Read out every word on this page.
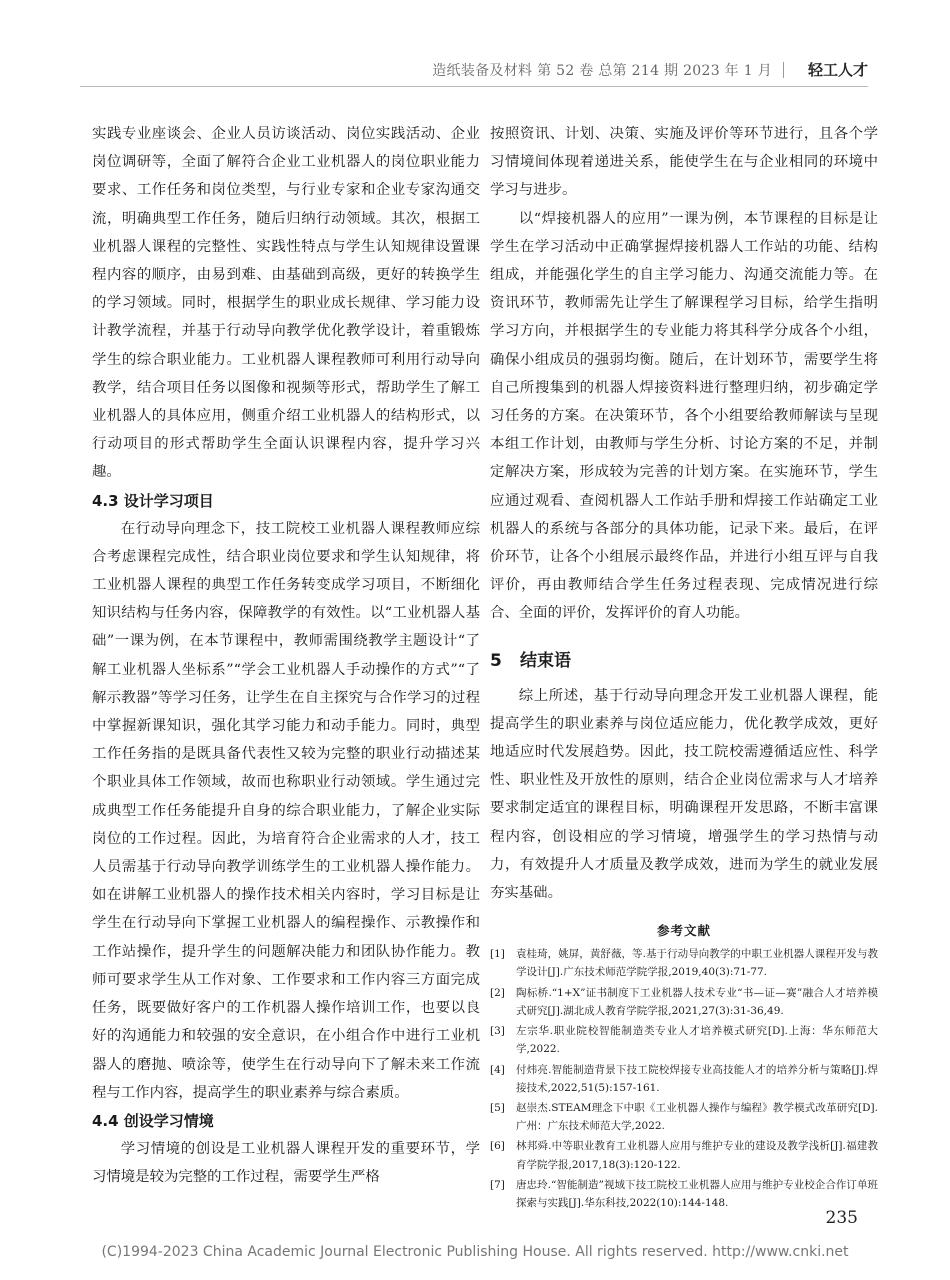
造纸装备及材料 第 52 卷 总第 214 期 2023 年 1 月 轻工人才

实践专业座谈会、企业人员访谈活动、岗位实践活动、企业岗位调研等，全面了解符合企业工业机器人的岗位职业能力要求、工作任务和岗位类型，与行业专家和企业专家沟通交流，明确典型工作任务，随后归纳行动领域。其次，根据工业机器人课程的完整性、实践性特点与学生认知规律设置课程内容的顺序，由易到难、由基础到高级，更好的转换学生的学习领域。同时，根据学生的职业成长规律、学习能力设计教学流程，并基于行动导向教学优化教学设计，着重锻炼学生的综合职业能力。工业机器人课程教师可利用行动导向教学，结合项目任务以图像和视频等形式，帮助学生了解工业机器人的具体应用，侧重介绍工业机器人的结构形式，以行动项目的形式帮助学生全面认识课程内容，提升学习兴趣。

4.3 设计学习项目

在行动导向理念下，技工院校工业机器人课程教师应综合考虑课程完成性，结合职业岗位要求和学生认知规律，将工业机器人课程的典型工作任务转变成学习项目，不断细化知识结构与任务内容，保障教学的有效性。以“工业机器人基础”一课为例，在本节课程中，教师需围绕教学主题设计“了解工业机器人坐标系”“学会工业机器人手动操作的方式”“了解示教器”等学习任务，让学生在自主探究与合作学习的过程中掌握新课知识，强化其学习能力和动手能力。同时，典型工作任务指的是既具备代表性又较为完整的职业行动描述某个职业具体工作领域，故而也称职业行动领域。学生通过完成典型工作任务能提升自身的综合职业能力，了解企业实际岗位的工作过程。因此，为培育符合企业需求的人才，技工人员需基于行动导向教学训练学生的工业机器人操作能力。如在讲解工业机器人的操作技术相关内容时，学习目标是让学生在行动导向下掌握工业机器人的编程操作、示教操作和工作站操作，提升学生的问题解决能力和团队协作能力。教师可要求学生从工作对象、工作要求和工作内容三方面完成任务，既要做好客户的工作机器人操作培训工作，也要以良好的沟通能力和较强的安全意识，在小组合作中进行工业机器人的磨抛、喷涂等，使学生在行动导向下了解未来工作流程与工作内容，提高学生的职业素养与综合素质。

4.4 创设学习情境

学习情境的创设是工业机器人课程开发的重要环节，学习情境是较为完整的工作过程，需要学生严格

按照资讯、计划、决策、实施及评价等环节进行，且各个学习情境间体现着递进关系，能使学生在与企业相同的环境中学习与进步。

以“焊接机器人的应用”一课为例，本节课程的目标是让学生在学习活动中正确掌握焊接机器人工作站的功能、结构组成，并能强化学生的自主学习能力、沟通交流能力等。在资讯环节，教师需先让学生了解课程学习目标，给学生指明学习方向，并根据学生的专业能力将其科学分成各个小组，确保小组成员的强弱均衡。随后，在计划环节，需要学生将自己所搜集到的机器人焊接资料进行整理归纳，初步确定学习任务的方案。在决策环节，各个小组要给教师解读与呈现本组工作计划，由教师与学生分析、讨论方案的不足，并制定解决方案，形成较为完善的计划方案。在实施环节，学生应通过观看、查阅机器人工作站手册和焊接工作站确定工业机器人的系统与各部分的具体功能，记录下来。最后，在评价环节，让各个小组展示最终作品，并进行小组互评与自我评价，再由教师结合学生任务过程表现、完成情况进行综合、全面的评价，发挥评价的育人功能。

5 结束语

综上所述，基于行动导向理念开发工业机器人课程，能提高学生的职业素养与岗位适应能力，优化教学成效，更好地适应时代发展趋势。因此，技工院校需遵循适应性、科学性、职业性及开放性的原则，结合企业岗位需求与人才培养要求制定适宜的课程目标，明确课程开发思路，不断丰富课程内容，创设相应的学习情境，增强学生的学习热情与动力，有效提升人才质量及教学成效，进而为学生的就业发展夯实基础。

参考文献
[1] 袁桂琦，姚屏，黄舒薇，等.基于行动导向教学的中职工业机器人课程开发与教学设计[J].广东技术师范学院学报,2019,40(3):71-77.
[2] 陶标桥.“1+X”证书制度下工业机器人技术专业“书—证—赛”融合人才培养模式研究[J].湖北成人教育学院学报,2021,27(3):31-36,49.
[3] 左宗华.职业院校智能制造类专业人才培养模式研究[D].上海：华东师范大学,2022.
[4] 付炜亮.智能制造背景下技工院校焊接专业高技能人才的培养分析与策略[J].焊接技术,2022,51(5):157-161.
[5] 赵崇杰.STEAM理念下中职《工业机器人操作与编程》教学模式改革研究[D].广州：广东技术师范大学,2022.
[6] 林邦舜.中等职业教育工业机器人应用与维护专业的建设及教学浅析[J].福建教育学院学报,2017,18(3):120-122.
[7] 唐忠玲.“智能制造”视域下技工院校工业机器人应用与维护专业校企合作订单班探索与实践[J].华东科技,2022(10):144-148.
235
(C)1994-2023 China Academic Journal Electronic Publishing House. All rights reserved. http://www.cnki.net
